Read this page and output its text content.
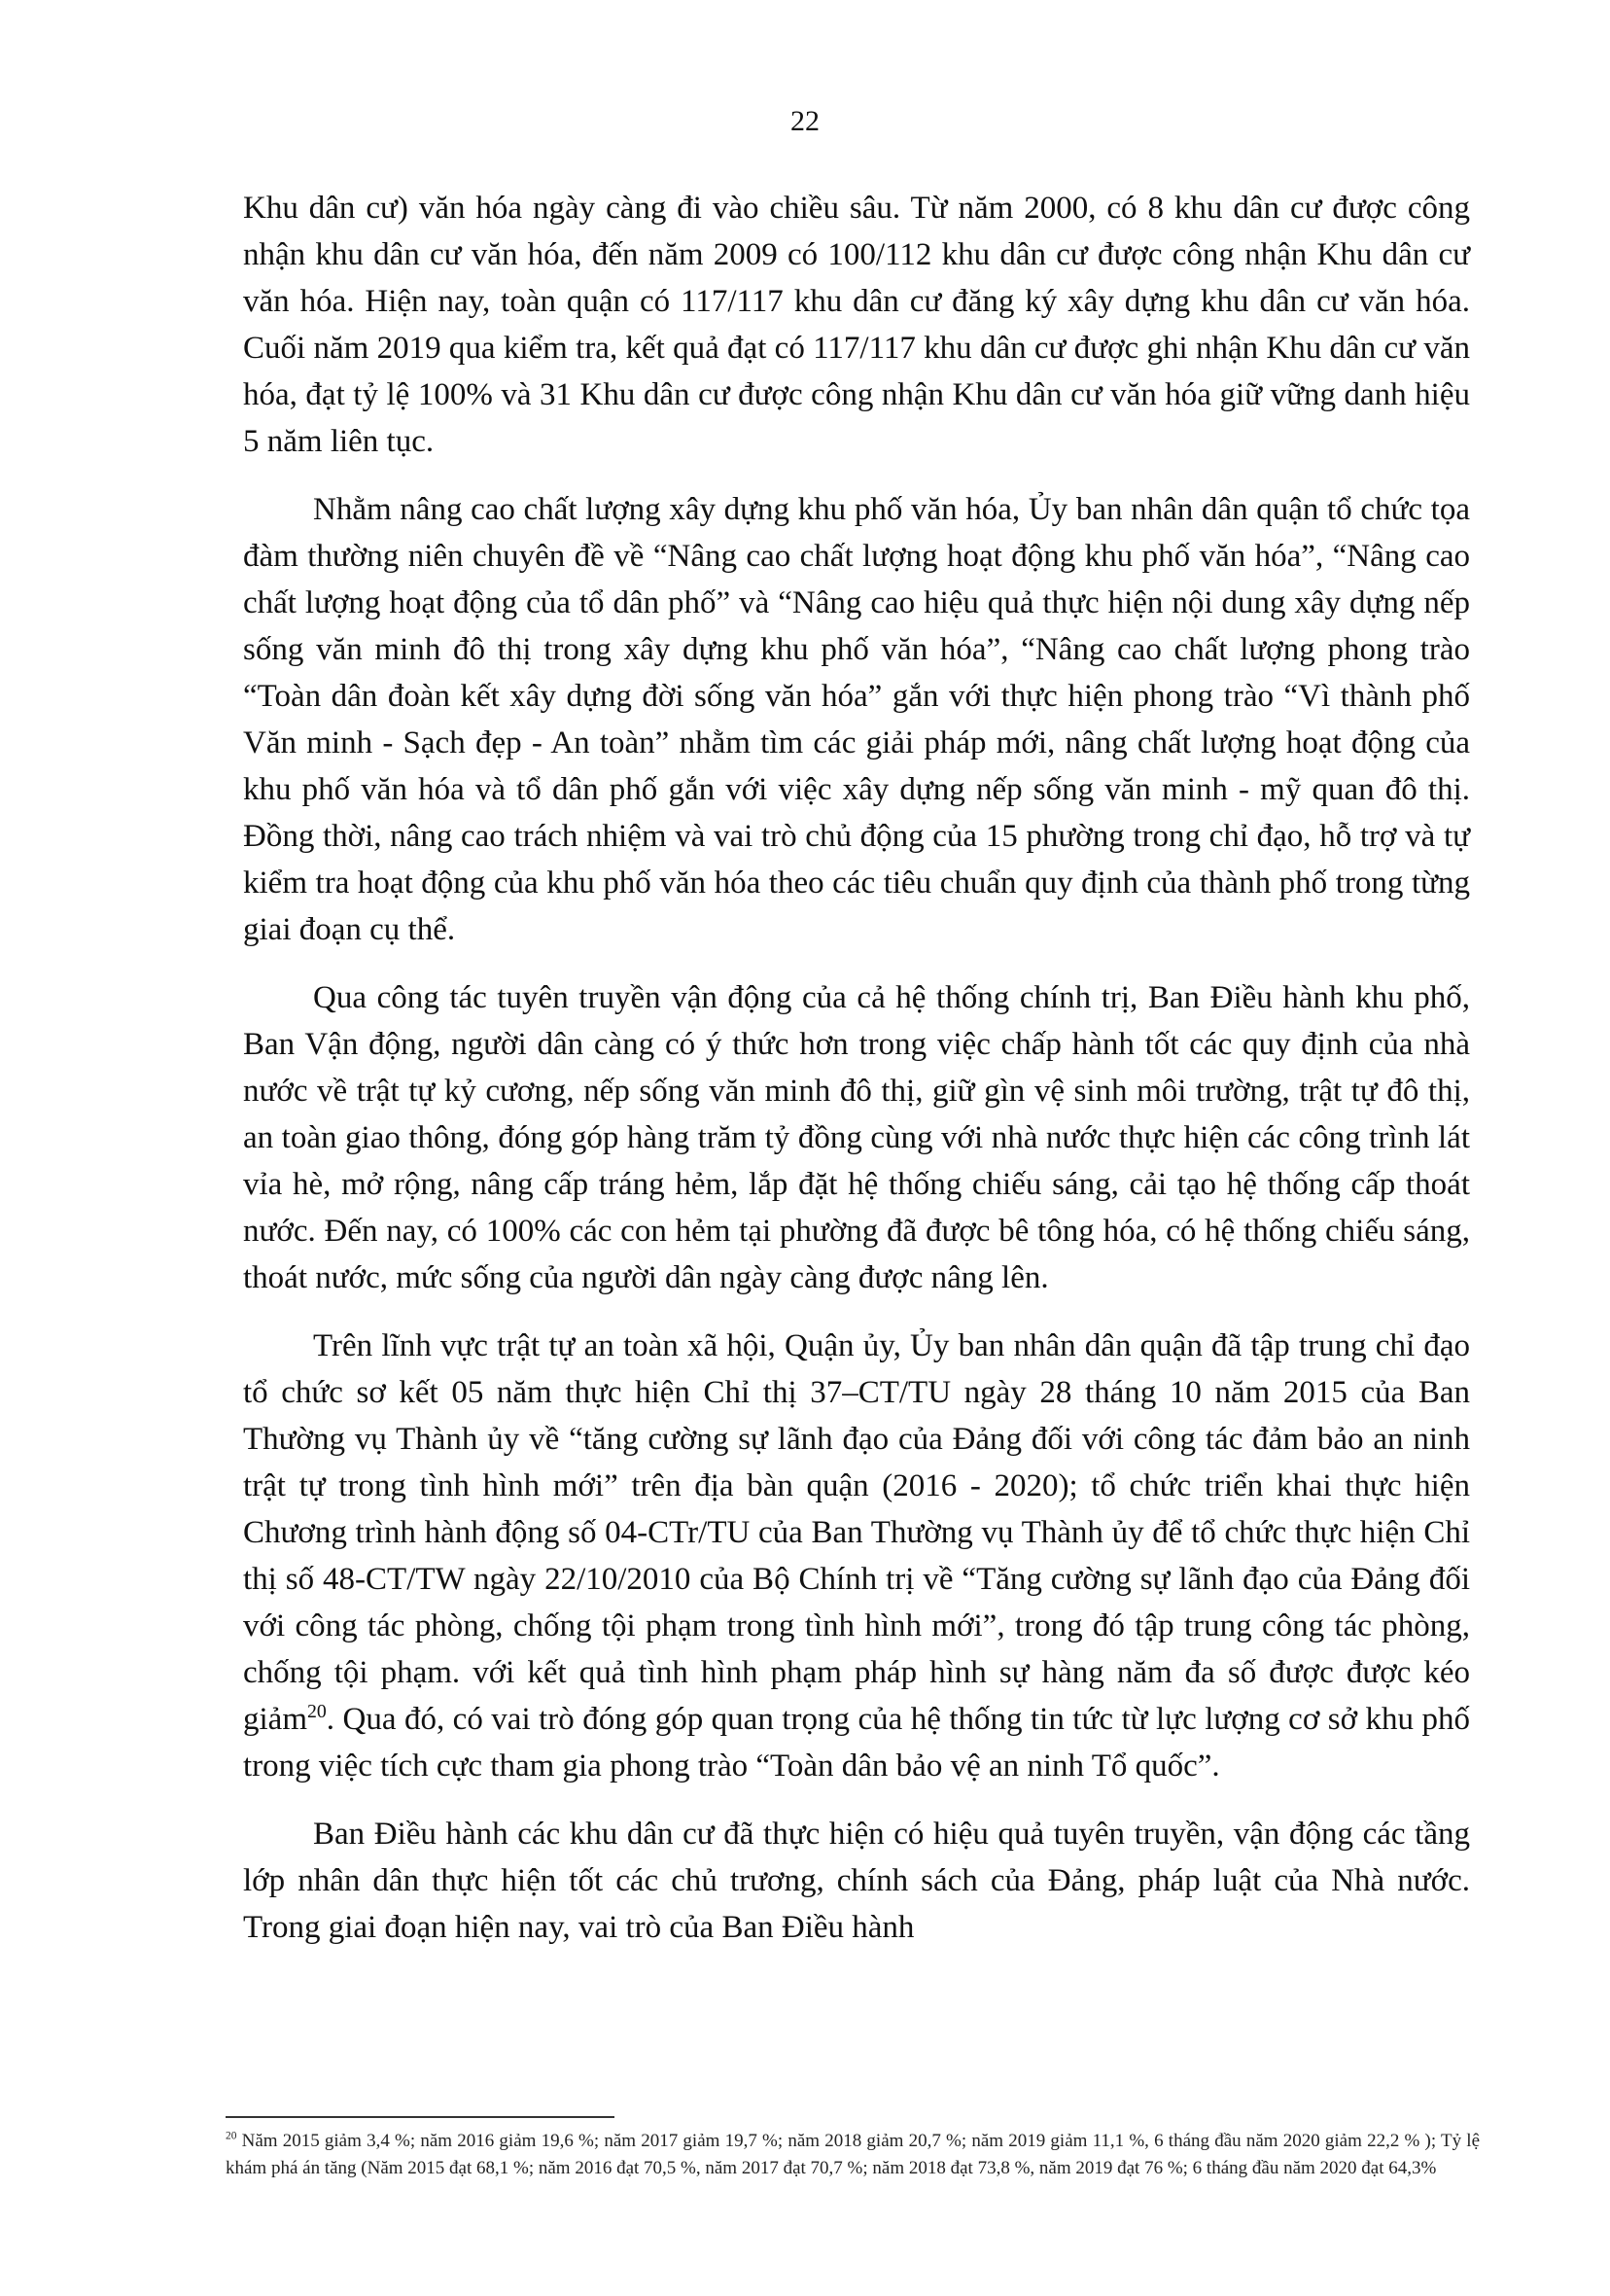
22

Khu dân cư) văn hóa ngày càng đi vào chiều sâu. Từ năm 2000, có 8 khu dân cư được công nhận khu dân cư văn hóa, đến năm 2009 có 100/112 khu dân cư được công nhận Khu dân cư văn hóa. Hiện nay, toàn quận có 117/117 khu dân cư đăng ký xây dựng khu dân cư văn hóa. Cuối năm 2019 qua kiểm tra, kết quả đạt có 117/117 khu dân cư được ghi nhận Khu dân cư văn hóa, đạt tỷ lệ 100% và 31 Khu dân cư được công nhận Khu dân cư văn hóa giữ vững danh hiệu 5 năm liên tục.

Nhằm nâng cao chất lượng xây dựng khu phố văn hóa, Ủy ban nhân dân quận tổ chức tọa đàm thường niên chuyên đề về “Nâng cao chất lượng hoạt động khu phố văn hóa”, “Nâng cao chất lượng hoạt động của tổ dân phố” và “Nâng cao hiệu quả thực hiện nội dung xây dựng nếp sống văn minh đô thị trong xây dựng khu phố văn hóa”, “Nâng cao chất lượng phong trào “Toàn dân đoàn kết xây dựng đời sống văn hóa” gắn với thực hiện phong trào “Vì thành phố Văn minh - Sạch đẹp - An toàn” nhằm tìm các giải pháp mới, nâng chất lượng hoạt động của khu phố văn hóa và tổ dân phố gắn với việc xây dựng nếp sống văn minh - mỹ quan đô thị. Đồng thời, nâng cao trách nhiệm và vai trò chủ động của 15 phường trong chỉ đạo, hỗ trợ và tự kiểm tra hoạt động của khu phố văn hóa theo các tiêu chuẩn quy định của thành phố trong từng giai đoạn cụ thể.

Qua công tác tuyên truyền vận động của cả hệ thống chính trị, Ban Điều hành khu phố, Ban Vận động, người dân càng có ý thức hơn trong việc chấp hành tốt các quy định của nhà nước về trật tự kỷ cương, nếp sống văn minh đô thị, giữ gìn vệ sinh môi trường, trật tự đô thị, an toàn giao thông, đóng góp hàng trăm tỷ đồng cùng với nhà nước thực hiện các công trình lát vỉa hè, mở rộng, nâng cấp tráng hẻm, lắp đặt hệ thống chiếu sáng, cải tạo hệ thống cấp thoát nước. Đến nay, có 100% các con hẻm tại phường đã được bê tông hóa, có hệ thống chiếu sáng, thoát nước, mức sống của người dân ngày càng được nâng lên.

Trên lĩnh vực trật tự an toàn xã hội, Quận ủy, Ủy ban nhân dân quận đã tập trung chỉ đạo tổ chức sơ kết 05 năm thực hiện Chỉ thị 37–CT/TU ngày 28 tháng 10 năm 2015 của Ban Thường vụ Thành ủy về “tăng cường sự lãnh đạo của Đảng đối với công tác đảm bảo an ninh trật tự trong tình hình mới” trên địa bàn quận (2016 - 2020); tổ chức triển khai thực hiện Chương trình hành động số 04-CTr/TU của Ban Thường vụ Thành ủy để tổ chức thực hiện Chỉ thị số 48-CT/TW ngày 22/10/2010 của Bộ Chính trị về “Tăng cường sự lãnh đạo của Đảng đối với công tác phòng, chống tội phạm trong tình hình mới”, trong đó tập trung công tác phòng, chống tội phạm. với kết quả tình hình phạm pháp hình sự hàng năm đa số được được kéo giảm$^{20}$. Qua đó, có vai trò đóng góp quan trọng của hệ thống tin tức từ lực lượng cơ sở khu phố trong việc tích cực tham gia phong trào “Toàn dân bảo vệ an ninh Tổ quốc”.

Ban Điều hành các khu dân cư đã thực hiện có hiệu quả tuyên truyền, vận động các tầng lớp nhân dân thực hiện tốt các chủ trương, chính sách của Đảng, pháp luật của Nhà nước. Trong giai đoạn hiện nay, vai trò của Ban Điều hành

$^{20}$ Năm 2015 giảm 3,4 %; năm 2016 giảm 19,6 %; năm 2017 giảm 19,7 %; năm 2018 giảm 20,7 %; năm 2019 giảm 11,1 %, 6 tháng đầu năm 2020 giảm 22,2 % ); Tỷ lệ khám phá án tăng (Năm 2015 đạt 68,1 %; năm 2016 đạt 70,5 %, năm 2017 đạt 70,7 %; năm 2018 đạt 73,8 %, năm 2019 đạt 76 %; 6 tháng đầu năm 2020 đạt 64,3%
